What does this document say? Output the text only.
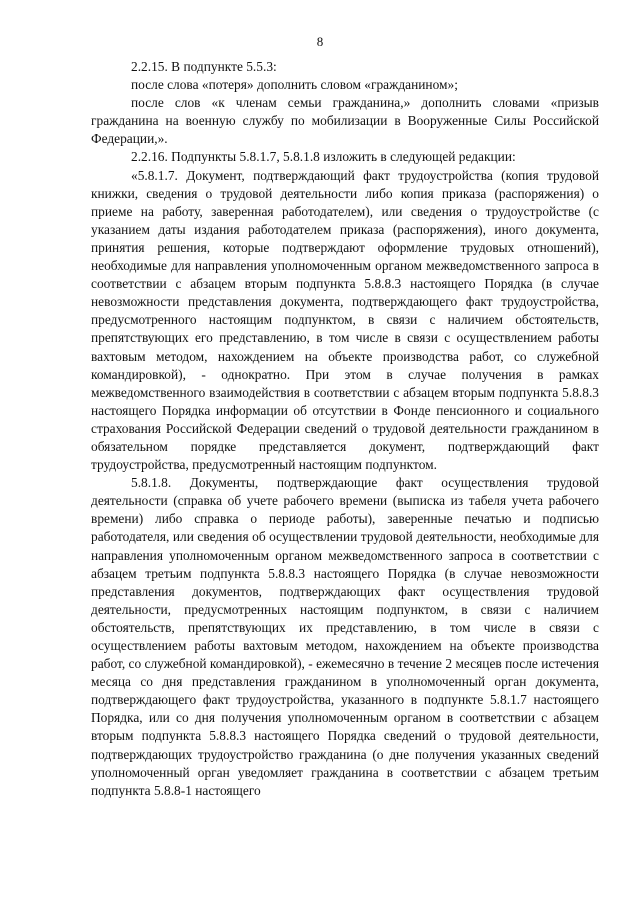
8

2.2.15. В подпункте 5.5.3:

после слова «потеря» дополнить словом «гражданином»;

после слов «к членам семьи гражданина,» дополнить словами «призыв гражданина на военную службу по мобилизации в Вооруженные Силы Российской Федерации,».

2.2.16. Подпункты 5.8.1.7, 5.8.1.8 изложить в следующей редакции:

«5.8.1.7. Документ, подтверждающий факт трудоустройства (копия трудовой книжки, сведения о трудовой деятельности либо копия приказа (распоряжения) о приеме на работу, заверенная работодателем), или сведения о трудоустройстве (с указанием даты издания работодателем приказа (распоряжения), иного документа, принятия решения, которые подтверждают оформление трудовых отношений), необходимые для направления уполномоченным органом межведомственного запроса в соответствии с абзацем вторым подпункта 5.8.8.3 настоящего Порядка (в случае невозможности представления документа, подтверждающего факт трудоустройства, предусмотренного настоящим подпунктом, в связи с наличием обстоятельств, препятствующих его представлению, в том числе в связи с осуществлением работы вахтовым методом, нахождением на объекте производства работ, со служебной командировкой), - однократно. При этом в случае получения в рамках межведомственного взаимодействия в соответствии с абзацем вторым подпункта 5.8.8.3 настоящего Порядка информации об отсутствии в Фонде пенсионного и социального страхования Российской Федерации сведений о трудовой деятельности гражданином в обязательном порядке представляется документ, подтверждающий факт трудоустройства, предусмотренный настоящим подпунктом.

5.8.1.8. Документы, подтверждающие факт осуществления трудовой деятельности (справка об учете рабочего времени (выписка из табеля учета рабочего времени) либо справка о периоде работы), заверенные печатью и подписью работодателя, или сведения об осуществлении трудовой деятельности, необходимые для направления уполномоченным органом межведомственного запроса в соответствии с абзацем третьим подпункта 5.8.8.3 настоящего Порядка (в случае невозможности представления документов, подтверждающих факт осуществления трудовой деятельности, предусмотренных настоящим подпунктом, в связи с наличием обстоятельств, препятствующих их представлению, в том числе в связи с осуществлением работы вахтовым методом, нахождением на объекте производства работ, со служебной командировкой), - ежемесячно в течение 2 месяцев после истечения месяца со дня представления гражданином в уполномоченный орган документа, подтверждающего факт трудоустройства, указанного в подпункте 5.8.1.7 настоящего Порядка, или со дня получения уполномоченным органом в соответствии с абзацем вторым подпункта 5.8.8.3 настоящего Порядка сведений о трудовой деятельности, подтверждающих трудоустройство гражданина (о дне получения указанных сведений уполномоченный орган уведомляет гражданина в соответствии с абзацем третьим подпункта 5.8.8-1 настоящего
